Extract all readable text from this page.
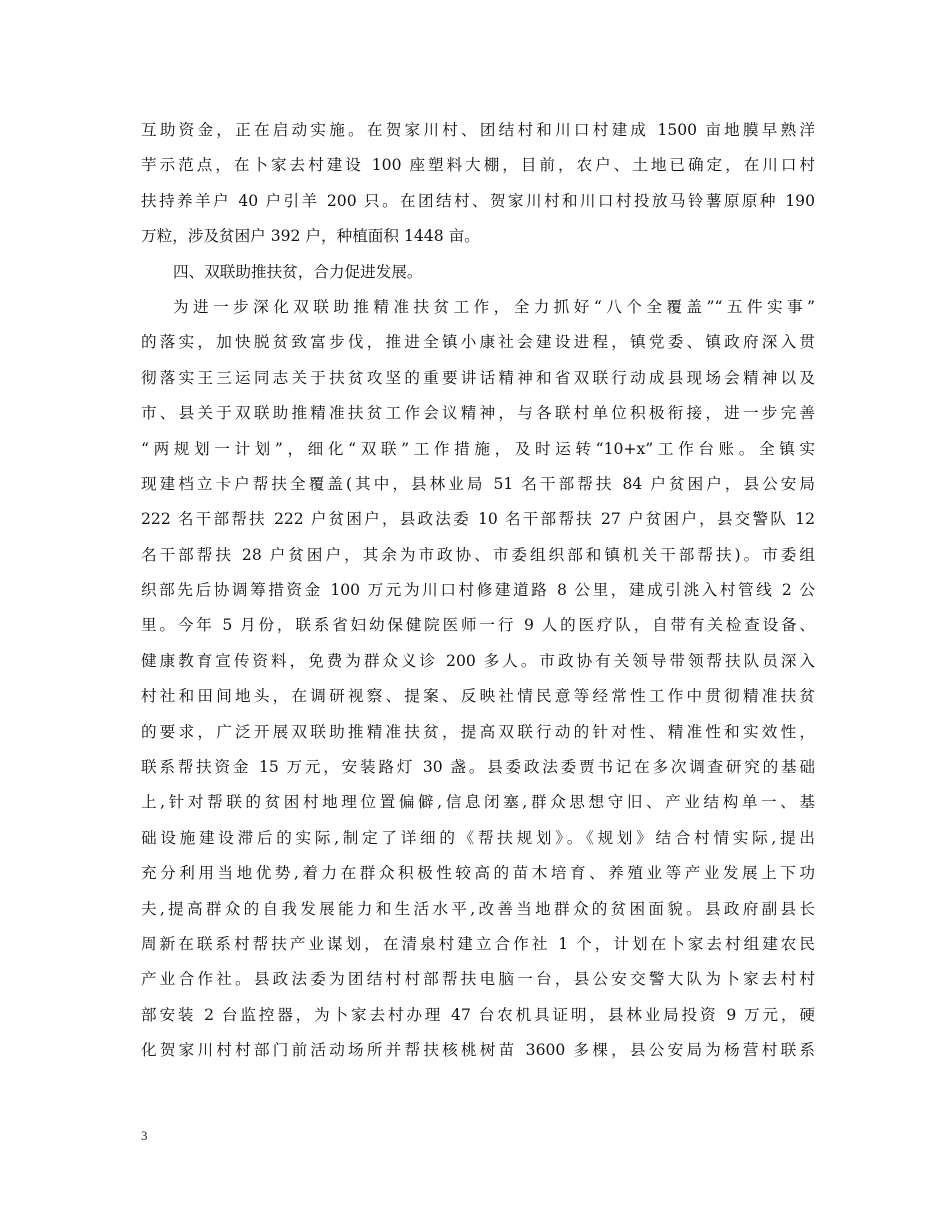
互助资金，正在启动实施。在贺家川村、团结村和川口村建成 1500 亩地膜早熟洋
芋示范点，在卜家去村建设 100 座塑料大棚，目前，农户、土地已确定，在川口村
扶持养羊户 40 户引羊 200 只。在团结村、贺家川村和川口村投放马铃薯原原种 190
万粒，涉及贫困户 392 户，种植面积 1448 亩。
四、双联助推扶贫，合力促进发展。
为进一步深化双联助推精准扶贫工作，全力抓好“八个全覆盖”“五件实事”
的落实，加快脱贫致富步伐，推进全镇小康社会建设进程，镇党委、镇政府深入贯
彻落实王三运同志关于扶贫攻坚的重要讲话精神和省双联行动成县现场会精神以及
市、县关于双联助推精准扶贫工作会议精神，与各联村单位积极衔接，进一步完善
“两规划一计划”，细化“双联”工作措施，及时运转“10+x”工作台账。全镇实
现建档立卡户帮扶全覆盖(其中，县林业局 51 名干部帮扶 84 户贫困户，县公安局
222 名干部帮扶 222 户贫困户，县政法委 10 名干部帮扶 27 户贫困户，县交警队 12
名干部帮扶 28 户贫困户，其余为市政协、市委组织部和镇机关干部帮扶)。市委组
织部先后协调筹措资金 100 万元为川口村修建道路 8 公里，建成引洮入村管线 2 公
里。今年 5 月份，联系省妇幼保健院医师一行 9 人的医疗队，自带有关检查设备、
健康教育宣传资料，免费为群众义诊 200 多人。市政协有关领导带领帮扶队员深入
村社和田间地头，在调研视察、提案、反映社情民意等经常性工作中贯彻精准扶贫
的要求，广泛开展双联助推精准扶贫，提高双联行动的针对性、精准性和实效性，
联系帮扶资金 15 万元，安装路灯 30 盏。县委政法委贾书记在多次调查研究的基础
上,针对帮联的贫困村地理位置偏僻,信息闭塞,群众思想守旧、产业结构单一、基
础设施建设滞后的实际,制定了详细的《帮扶规划》。《规划》结合村情实际,提出
充分利用当地优势,着力在群众积极性较高的苗木培育、养殖业等产业发展上下功
夫,提高群众的自我发展能力和生活水平,改善当地群众的贫困面貌。县政府副县长
周新在联系村帮扶产业谋划，在清泉村建立合作社 1 个，计划在卜家去村组建农民
产业合作社。县政法委为团结村村部帮扶电脑一台，县公安交警大队为卜家去村村
部安装 2 台监控器，为卜家去村办理 47 台农机具证明，县林业局投资 9 万元，硬
化贺家川村村部门前活动场所并帮扶核桃树苗 3600 多棵，县公安局为杨营村联系
3
